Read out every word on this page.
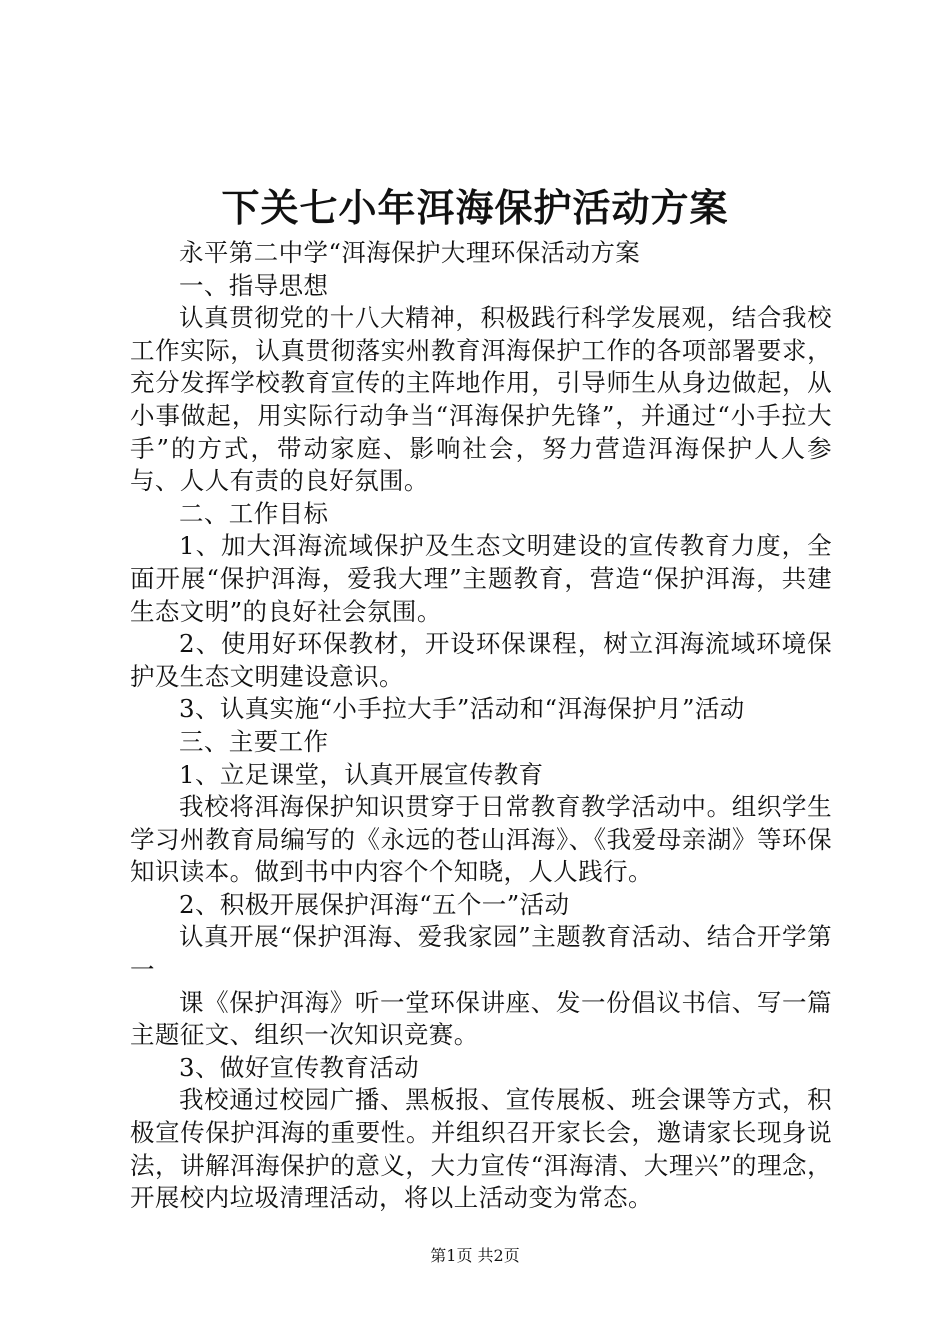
下关七小年洱海保护活动方案

永平第二中学“洱海保护大理环保活动方案

一、指导思想

认真贯彻党的十八大精神，积极践行科学发展观，结合我校工作实际，认真贯彻落实州教育洱海保护工作的各项部署要求，充分发挥学校教育宣传的主阵地作用，引导师生从身边做起，从小事做起，用实际行动争当“洱海保护先锋”，并通过“小手拉大手”的方式，带动家庭、影响社会，努力营造洱海保护人人参与、人人有责的良好氛围。

二、工作目标

1、加大洱海流域保护及生态文明建设的宣传教育力度，全面开展“保护洱海，爱我大理”主题教育，营造“保护洱海，共建生态文明”的良好社会氛围。

2、使用好环保教材，开设环保课程，树立洱海流域环境保护及生态文明建设意识。

3、认真实施“小手拉大手”活动和“洱海保护月”活动

三、主要工作

1、立足课堂，认真开展宣传教育

我校将洱海保护知识贯穿于日常教育教学活动中。组织学生学习州教育局编写的《永远的苍山洱海》、《我爱母亲湖》等环保知识读本。做到书中内容个个知晓，人人践行。

2、积极开展保护洱海“五个一”活动

认真开展“保护洱海、爱我家园”主题教育活动、结合开学第一

课《保护洱海》听一堂环保讲座、发一份倡议书信、写一篇主题征文、组织一次知识竞赛。

3、做好宣传教育活动

我校通过校园广播、黑板报、宣传展板、班会课等方式，积极宣传保护洱海的重要性。并组织召开家长会，邀请家长现身说法，讲解洱海保护的意义，大力宣传“洱海清、大理兴”的理念，开展校内垃圾清理活动，将以上活动变为常态。

第1页 共2页
